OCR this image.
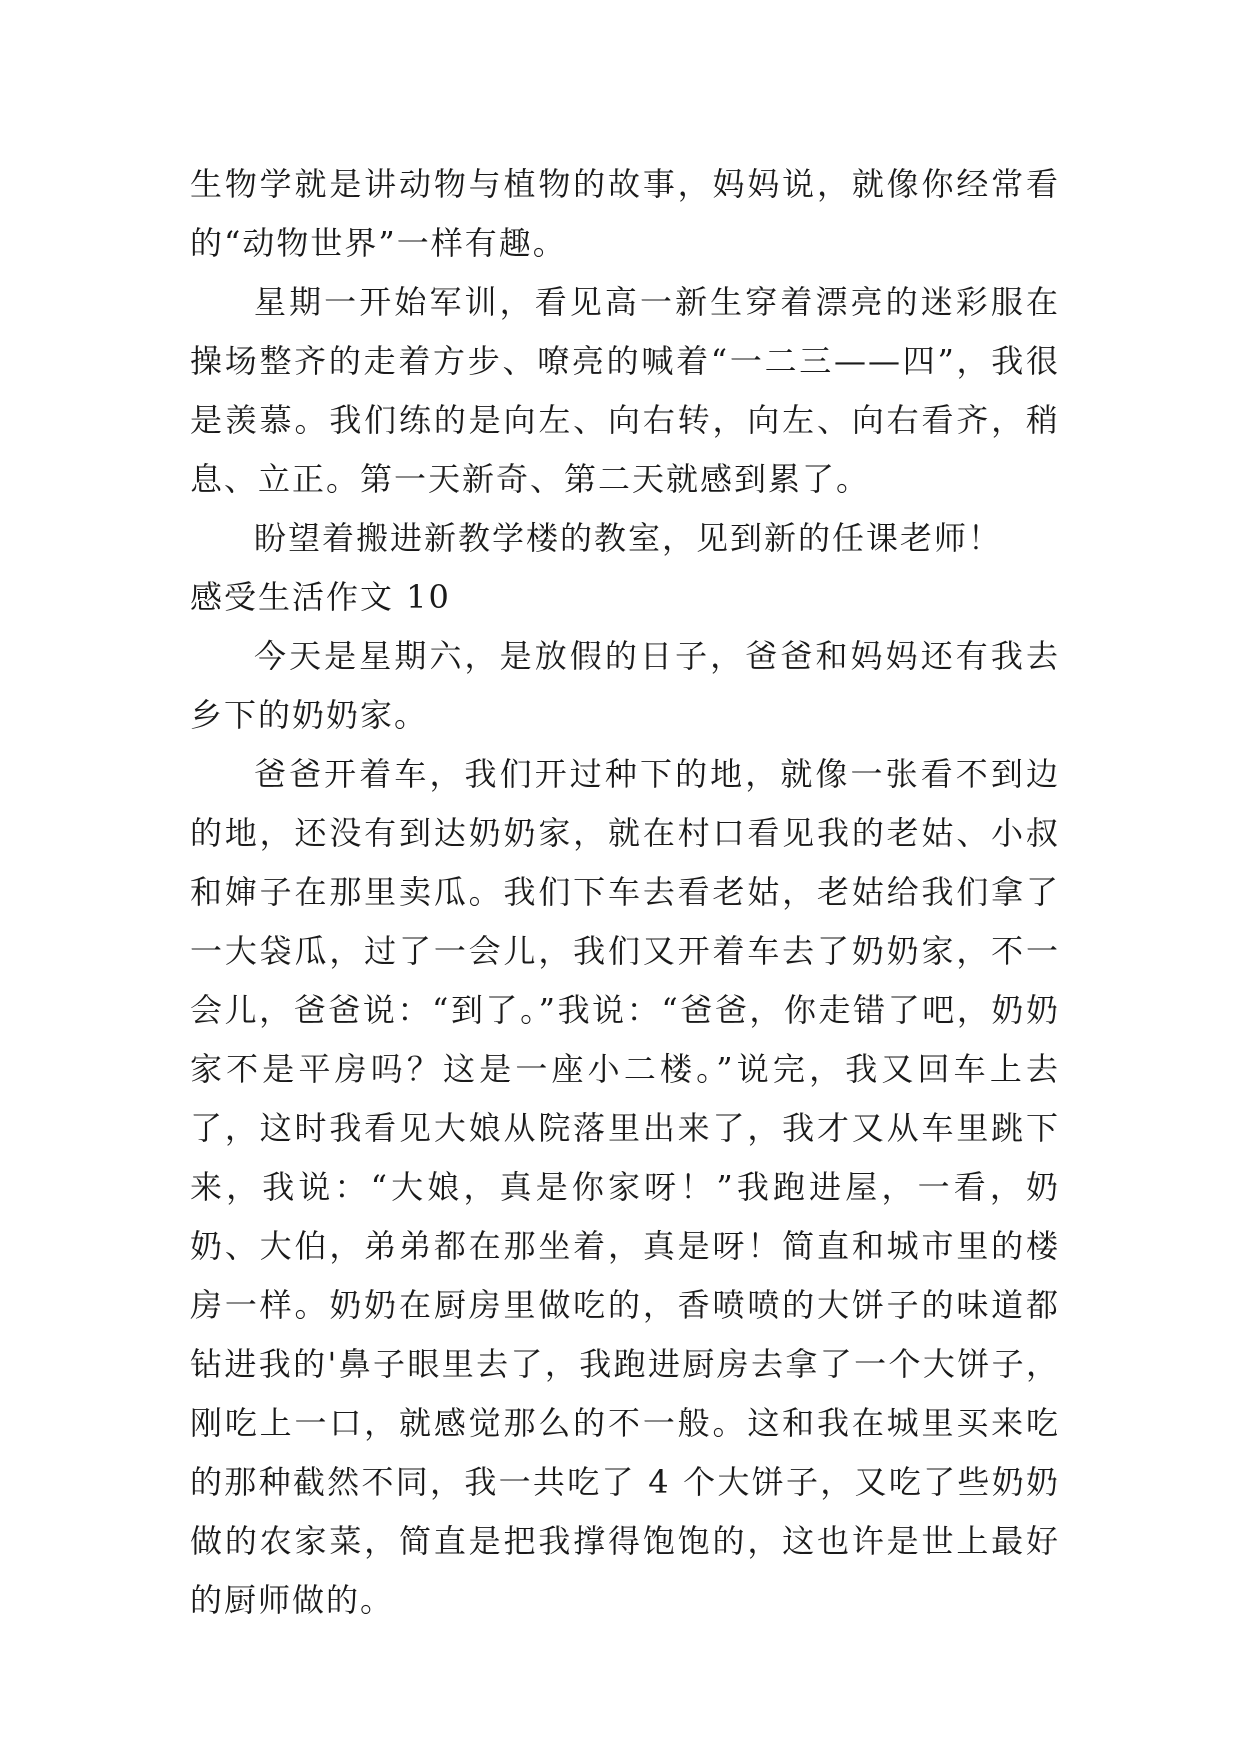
生物学就是讲动物与植物的故事，妈妈说，就像你经常看的“动物世界”一样有趣。

星期一开始军训，看见高一新生穿着漂亮的迷彩服在操场整齐的走着方步、嘹亮的喊着“一二三——四”，我很是羡慕。我们练的是向左、向右转，向左、向右看齐，稍息、立正。第一天新奇、第二天就感到累了。

盼望着搬进新教学楼的教室，见到新的任课老师！

感受生活作文 10

今天是星期六，是放假的日子，爸爸和妈妈还有我去乡下的奶奶家。

爸爸开着车，我们开过种下的地，就像一张看不到边的地，还没有到达奶奶家，就在村口看见我的老姑、小叔和婶子在那里卖瓜。我们下车去看老姑，老姑给我们拿了一大袋瓜，过了一会儿，我们又开着车去了奶奶家，不一会儿，爸爸说：“到了。”我说：“爸爸，你走错了吧，奶奶家不是平房吗？这是一座小二楼。”说完，我又回车上去了，这时我看见大娘从院落里出来了，我才又从车里跳下来，我说：“大娘，真是你家呀！”我跑进屋，一看，奶奶、大伯，弟弟都在那坐着，真是呀！简直和城市里的楼房一样。奶奶在厨房里做吃的，香喷喷的大饼子的味道都钻进我的'鼻子眼里去了，我跑进厨房去拿了一个大饼子，刚吃上一口，就感觉那么的不一般。这和我在城里买来吃的那种截然不同，我一共吃了 4 个大饼子，又吃了些奶奶做的农家菜，简直是把我撑得饱饱的，这也许是世上最好的厨师做的。
